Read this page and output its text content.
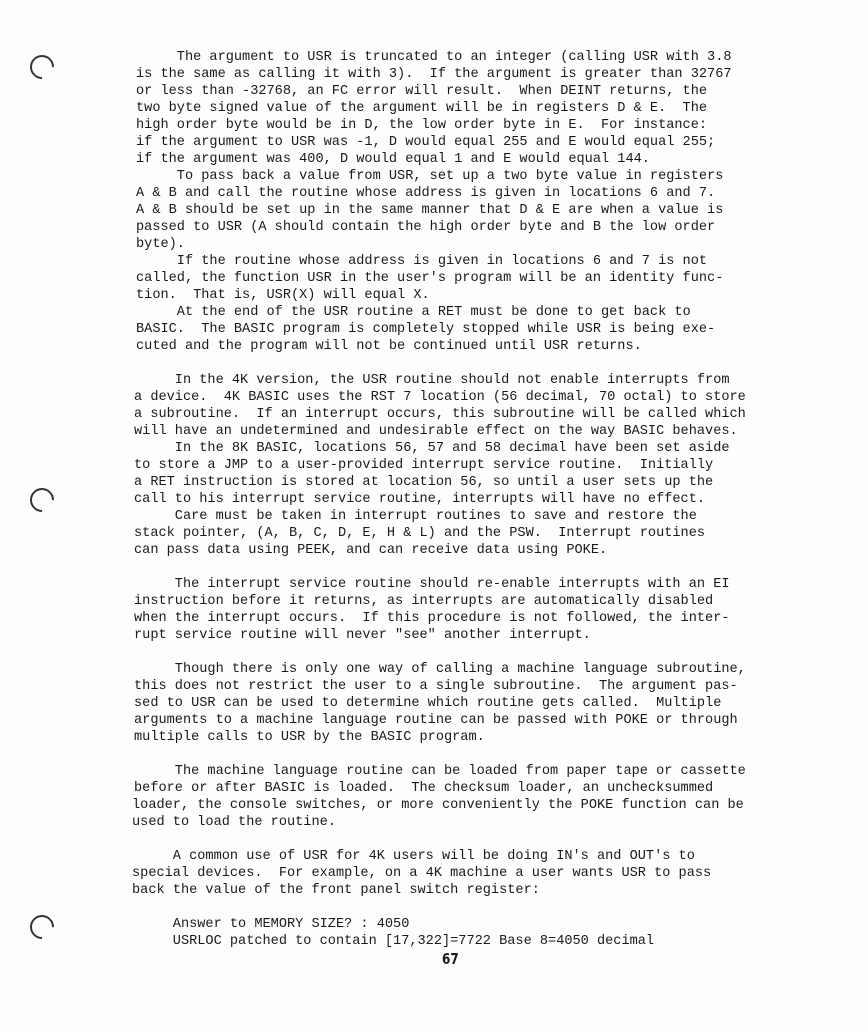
The argument to USR is truncated to an integer (calling USR with 3.8
is the same as calling it with 3).  If the argument is greater than 32767
or less than -32768, an FC error will result.  When DEINT returns, the
two byte signed value of the argument will be in registers D & E.  The
high order byte would be in D, the low order byte in E.  For instance:
if the argument to USR was -1, D would equal 255 and E would equal 255;
if the argument was 400, D would equal 1 and E would equal 144.
To pass back a value from USR, set up a two byte value in registers
A & B and call the routine whose address is given in locations 6 and 7.
A & B should be set up in the same manner that D & E are when a value is
passed to USR (A should contain the high order byte and B the low order
byte).
If the routine whose address is given in locations 6 and 7 is not
called, the function USR in the user's program will be an identity func-
tion.  That is, USR(X) will equal X.
At the end of the USR routine a RET must be done to get back to
BASIC.  The BASIC program is completely stopped while USR is being exe-
cuted and the program will not be continued until USR returns.
In the 4K version, the USR routine should not enable interrupts from
a device.  4K BASIC uses the RST 7 location (56 decimal, 70 octal) to store
a subroutine.  If an interrupt occurs, this subroutine will be called which
will have an undetermined and undesirable effect on the way BASIC behaves.
In the 8K BASIC, locations 56, 57 and 58 decimal have been set aside
to store a JMP to a user-provided interrupt service routine.  Initially
a RET instruction is stored at location 56, so until a user sets up the
call to his interrupt service routine, interrupts will have no effect.
Care must be taken in interrupt routines to save and restore the
stack pointer, (A, B, C, D, E, H & L) and the PSW.  Interrupt routines
can pass data using PEEK, and can receive data using POKE.
The interrupt service routine should re-enable interrupts with an EI
instruction before it returns, as interrupts are automatically disabled
when the interrupt occurs.  If this procedure is not followed, the inter-
rupt service routine will never "see" another interrupt.
Though there is only one way of calling a machine language subroutine,
this does not restrict the user to a single subroutine.  The argument pas-
sed to USR can be used to determine which routine gets called.  Multiple
arguments to a machine language routine can be passed with POKE or through
multiple calls to USR by the BASIC program.
The machine language routine can be loaded from paper tape or cassette
before or after BASIC is loaded.  The checksum loader, an unchecksummed
loader, the console switches, or more conveniently the POKE function can be
used to load the routine.
A common use of USR for 4K users will be doing IN's and OUT's to
special devices.  For example, on a 4K machine a user wants USR to pass
back the value of the front panel switch register:
Answer to MEMORY SIZE? : 4050
USRLOC patched to contain [17,322]=7722 Base 8=4050 decimal
67
